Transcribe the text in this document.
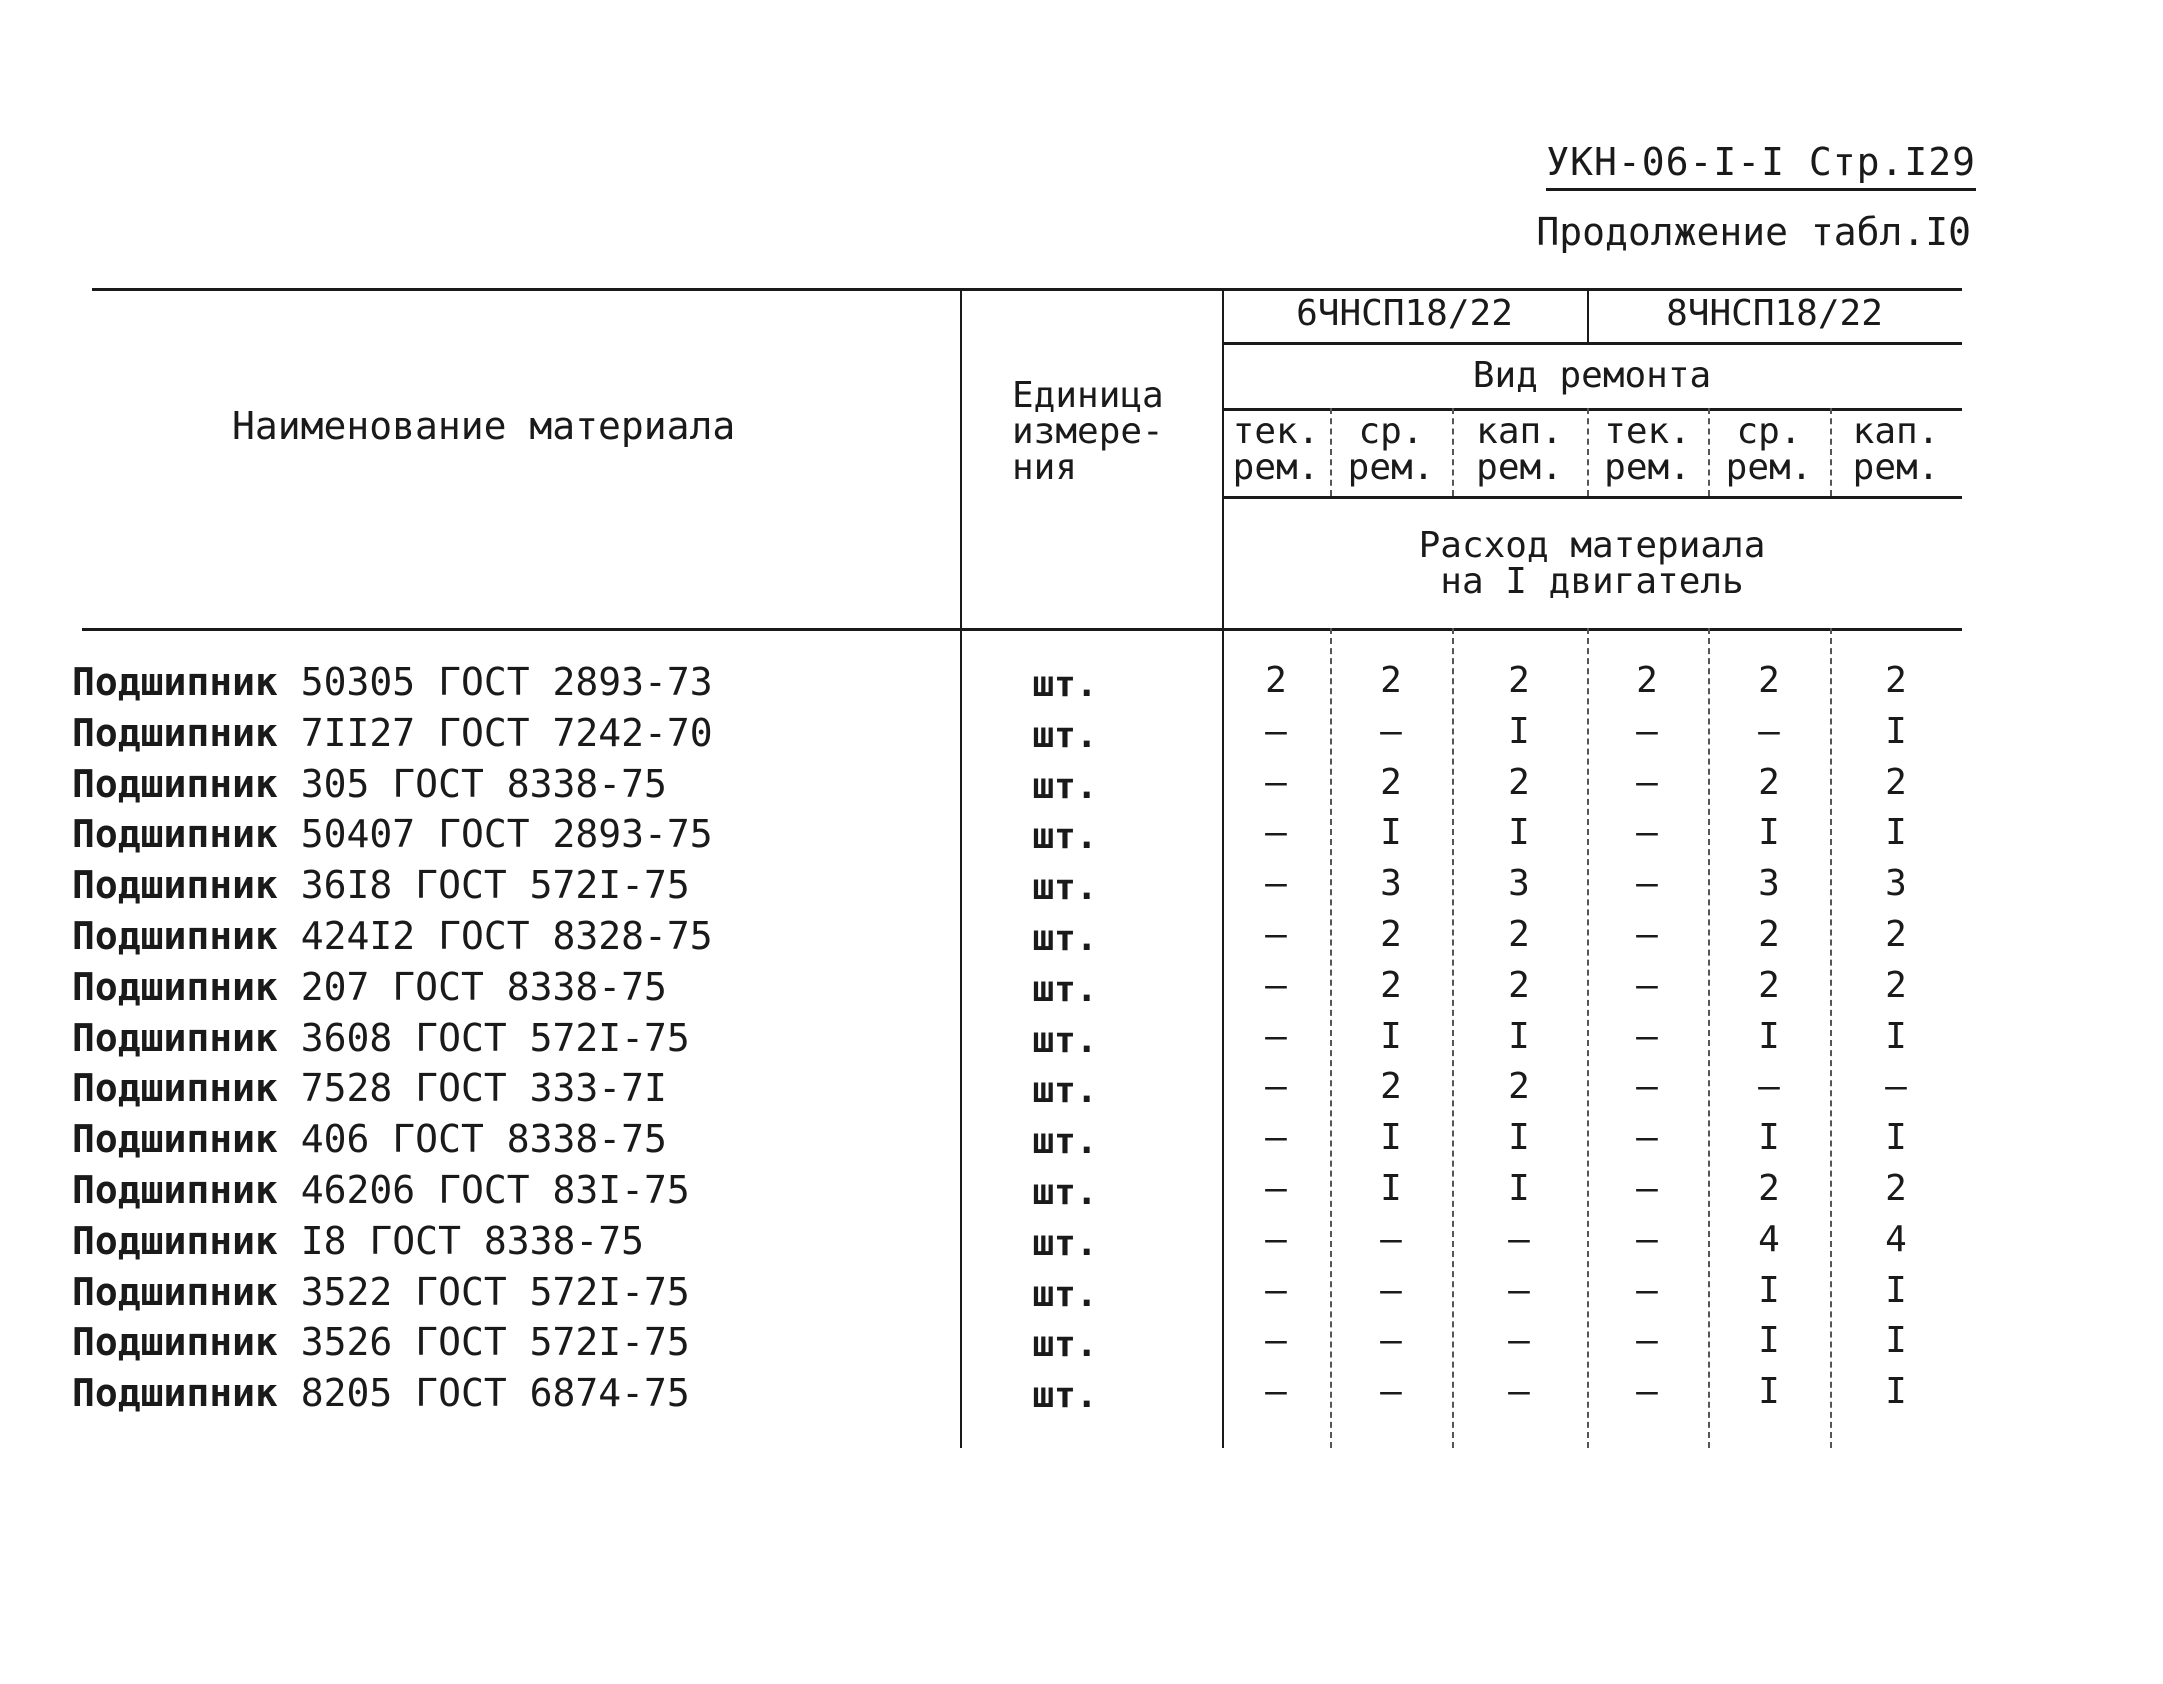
УКН-06-I-I Стр.I29
Продолжение табл.I0
Наименование материала
Единица
измере-
ния
6ЧНСП18/22	8ЧНСП18/22
Вид ремонта
тек.
рем.
ср.
рем.
кап.
рем.
тек.
рем.
ср.
рем.
кап.
рем.
Расход материала
на I двигатель
Подшипник 50305 ГОСТ 2893-73	шт.	2	2	2	2	2	2
Подшипник 7II27 ГОСТ 7242-70	шт.	–	–	I	–	–	I
Подшипник 305 ГОСТ 8338-75	шт.	–	2	2	–	2	2
Подшипник 50407 ГОСТ 2893-75	шт.	–	I	I	–	I	I
Подшипник 36I8 ГОСТ 572I-75	шт.	–	3	3	–	3	3
Подшипник 424I2 ГОСТ 8328-75	шт.	–	2	2	–	2	2
Подшипник 207 ГОСТ 8338-75	шт.	–	2	2	–	2	2
Подшипник 3608 ГОСТ 572I-75	шт.	–	I	I	–	I	I
Подшипник 7528 ГОСТ 333-7I	шт.	–	2	2	–	–	–
Подшипник 406 ГОСТ 8338-75	шт.	–	I	I	–	I	I
Подшипник 46206 ГОСТ 83I-75	шт.	–	I	I	–	2	2
Подшипник I8 ГОСТ 8338-75	шт.	–	–	–	–	4	4
Подшипник 3522 ГОСТ 572I-75	шт.	–	–	–	–	I	I
Подшипник 3526 ГОСТ 572I-75	шт.	–	–	–	–	I	I
Подшипник 8205 ГОСТ 6874-75	шт.	–	–	–	–	I	I
